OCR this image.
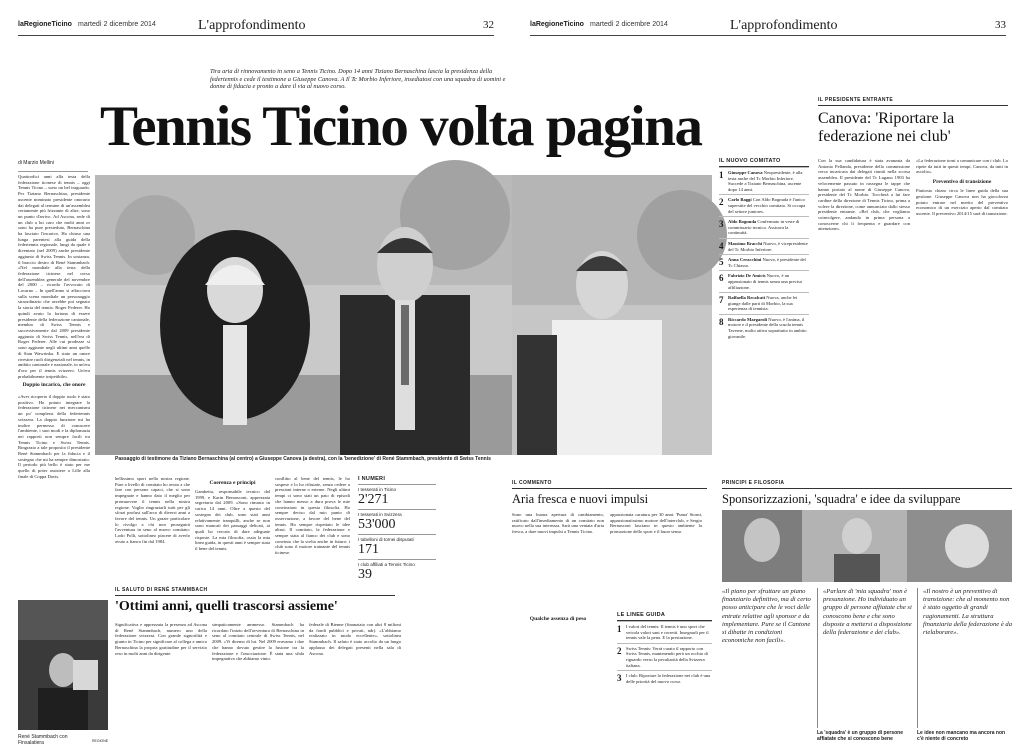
laRegioneTicino martedì 2 dicembre 2014	L'approfondimento	32
Tira aria di rinnovamento in seno a Tennis Ticino. Dopo 14 anni Tiziano Bernaschina lascia la presidenza della federtennis e cede il testimone a Giuseppe Canova. A Il Tc Morbio Inferiore, insediatosi con una squadra di uomini e donne di fiducia e pronto a dare il via al nuovo corso.
Tennis Ticino volta pagina
di Marzio Mellini
Quattordici anni alla testa della federazione ticinese di tennis – oggi Tennis Ticino – sono un bel traguardo. Per Tiziano Bernaschina, presidente uscente nominato presidente onorario dai delegati al termine di un'assemblea certamente più frizzante di altre, sono un punto d'arrivo. Ad Ascona, sede di un club a lui caro che molti anni or sono ha pure presieduto, Bernaschina ha lasciato l'incarico. Ha chiuso una lunga parentesi alla guida della federtennis regionale, lungi da quale è diventato (nel 2009) anche presidente aggiunto di Swiss Tennis. In sostanza, il braccio destro di René Stammbach. «Nel mondiale alla testa della federazione ticinese nel corso dell'assemblea generale del novembre del 2000 – ricorda l'avvocato di Locarno – In quell'anno si affacciava sulla scena mondiale un personaggio straordinario che avrebbe poi segnato la storia del tennis: Roger Federer. Ho quindi avuto la fortuna di essere presidente della federazione cantonale, membro di Swiss Tennis e successivamente dal 2009 presidente aggiunto di Swiss Tennis, nell'era di Roger Federer. Alle cui prodezze si sono aggiunte negli ultimi anni quelle di Stan Wawrinka. E stato un onore rivestire ruoli dirigenziali nel tennis, in ambito cantonale e nazionale, in un'era d'oro per il tennis svizzero. Un'era probabilmente irripetibile».
Doppio incarico, che onore
«Aver ricoperto il doppio ruolo è stato positivo. Ho potuto integrare la federazione ticinese nei meccanismi un po' complessi della federtennis svizzera. La doppia funzione mi ha inoltre permesso di conoscere l'ambiente, i suoi modi e la diplomazia nei rapporti non sempre facili tra Tennis Ticino e Swiss Tennis. Ringrazio a tale proposito il presidente René Stammbach per la fiducia e il sostegno che mi ha sempre dimostrato. Il periodo più bello è stato per me quello di poter assistere a Lille alla finale di Coppa Davis.
Passaggio di testimone da Tiziano Bernaschina (al centro) a Giuseppe Canova (a destra), con la 'benedizione' di René Stammbach, presidente di Swiss Tennis
bellissimo sport nella nostra regione. Pure a livello di comitato ho avuto a che fare con persone capaci, che si sono impegnate e hanno dato il meglio per promuovere il tennis nella nostra regione. Voglio ringraziarli tutti per gli sforzi profusi sull'arco di diversi anni a favore del tennis. Un grazie particolare lo rivolgo a chi non proseguirà l'avventura in seno al nuovo comitato: Lodo Polli, sottolineo piacere di averlo avuto a fianco fin dal 1984.
Coerenza e principi
Gambetta, responsabile tecnico dal 1999, e Karin Bernasconi, apprezzata segretaria dal 2009. «Sono rimasto in carica 14 anni. Oltre a questo del sostegno dei club, sono stati anni relativamente tranquilli, anche se non sono mancati dei passaggi delicati, ai quali ho cercato di dare adeguate risposte. La mia filosofia, ossia la mia linea guida, in questi anni è sempre stata il bene del tennis.
conflitto al bene del tennis, le ho sospese e lo ho rifiutate, senza cedere a pressioni interne o esterne. Negli ultimi tempi ci sono stati un paio di episodi che hanno messo a dura prova le mie convinzioni in questa filosofia. Ho sempre deciso dal mio punto di osservazione, a favore del bene del tennis. Ho sempre rispettato le idee altrui. Il comitato, la federazione e sempre stata al fianco dei club e sono convinto che la scelta anche in futuro: i club sono il motore trainante del tennis ticinese.
I NUMERI
I tesserati in Ticino
2'271
I tesserati in Svizzera
53'000
I tabelloni di tornei disputati
171
I club affiliati a Tennis Ticino
39
IL SALUTO DI RENÉ STAMMBACH
'Ottimi anni, quelli trascorsi assieme'
Significativa e apprezzata la presenza ad Ascona di René Stammbach, numero uno della federazione svizzera. Con grande signorilità e giunto in Ticino per significare al collega e amico Bernaschina la propria gratitudine per il servizio reso in molti anni da dirigente.
simpaticamente ammesso. Stammbach ha ricordato l'inizio dell'avventura di Bernaschina in seno al comitato centrale di Swiss Tennis, nel 2009. «Vi diremo di lui. Nel 2009 eravamo i due che hanno dovuto gestire la fusione tra la federazione e l'associazione. È stata una sfida impegnativa che abbiamo vinto.
federale di Bienne (finanziato con altri 8 milioni da fondi pubblici e privati, ndr). «L'abbiamo realizzato in modo eccellente», sottolinea Stammbach. Il saluto è stato accolto da un lungo applauso dei delegati presenti nella sala di Ascona.
René Stammbach con Finsalatiera	REGIONE
laRegioneTicino martedì 2 dicembre 2014	L'approfondimento	33
IL NUOVO COMITATO
1 Giuseppe Canova Neopresidente, è alla testa anche del Tc Morbio Inferiore. Succede a Tiziano Bernaschina, uscente dopo 14 anni.
2 Carlo Baggi Con Aldo Bognuda è l'unico superstite del vecchio comitato. Si occupa del settore juniores.
3 Aldo Bognuda Confermato in veste di commissario tecnico. Assicura la continuità.
4 Massimo Bracchi Nuovo, è vicepresidente del Tc Morbio Inferiore.
5 Anna Ceracchini Nuova, è presidente del Tc Chiasso.
6 Fabrizio De Amicis Nuovo, è un appassionato di tennis senza una precisa affiliazione.
7 Raffaella Recalcati Nuova, anche lei giunge dalle parti di Morbio, la sua esperienza di tennista.
8 Riccardo Margaroli Nuovo, è l'anima, il motore e il presidente della scuola tennis Taverne, molto attiva soprattutto in ambito giovanile.
IL PRESIDENTE ENTRANTE
Canova: 'Riportare la federazione nei club'
Con la sua candidatura è stata avanzata da Antonio Pellanda, presidente della commissione cerca incaricata dai delegati riuniti nella scorsa assemblea. Il presidente del Tc Lugano 1903 ha velocemente passato in rassegna le tappe che hanno portato al nome di Giuseppe Canova, presidente del Tc Morbio. Toccherà a lui fare cardine della direzione di Tennis Ticino, prima a volere la direzione, come annunciato dallo stesso presidente entrante. «Bel club, che vogliamo coinvolgere, andando in prima persona a conoscerne chi li frequenta e guardare con attenzione».
«La federazione torni a comunicare con i club. Lo ripete da tutti in questi tempi, Canova, da tutti in ascolto».
Preventivo di transizione
Piuttosto chiaro circa le linee guida della sua gestione. Giuseppe Canova non ha giocoforza potuto entrare nel merito del preventivo economico di un esercizio aperto dal comitato uscente. Il preventivo 2014/15 sarà di transizione.
IL COMMENTO
Aria fresca e nuovi impulsi
Sono una buona apertura di cambiamento, ratificato dall'insediamento di un comitato non nuovo nella sua interezza. Sarà una ventata d'aria fresca, a dare nuovi impulsi a Tennis Ticino.
appassionata caratura per 30 anni. 'Puma' Storni, appassionatissimo motore dell'interclub, e Sergio Bernasconi lasciano in questo ambiente la promozione dello sport e il buon senso.
Qualche assenza di peso
PRINCIPI E FILOSOFIA
Sponsorizzazioni, 'squadra' e idee da sviluppare
LE LINEE GUIDA
1 I valori del tennis: Il tennis è uno sport che veicola valori sani e corretti. Insegnarli per il tennis vale la pena. E la prestazione.
2 Swiss Tennis: Verrà curato il rapporto con Swiss Tennis, mantenendo però un occhio di riguardo verso la peculiarità della Svizzera italiana.
3 I club: Riportare la federazione nei club è una delle priorità del nuovo corso.
«Il piano per sfruttare un piano finanziario definitivo, ma di certo posso anticipare che le voci delle entrate relative agli sponsor e da implementare. Pure se il Cantone si dibatte in condizioni economiche non facili».
«Parlare di 'mia squadra' non è presunzione. Ho individuato un gruppo di persone affiatate che si conoscono bene e che sono disposte a mettersi a disposizione della federazione e dei club».
«Il nostro è un preventivo di transizione: che al momento non è stato oggetto di grandi ragionamenti. La struttura finanziaria della federazione è da rielaborare».
La 'squadra' è un gruppo di persone affiatate che si conoscono bene
Le idee non mancano ma ancora non c'è niente di concreto
